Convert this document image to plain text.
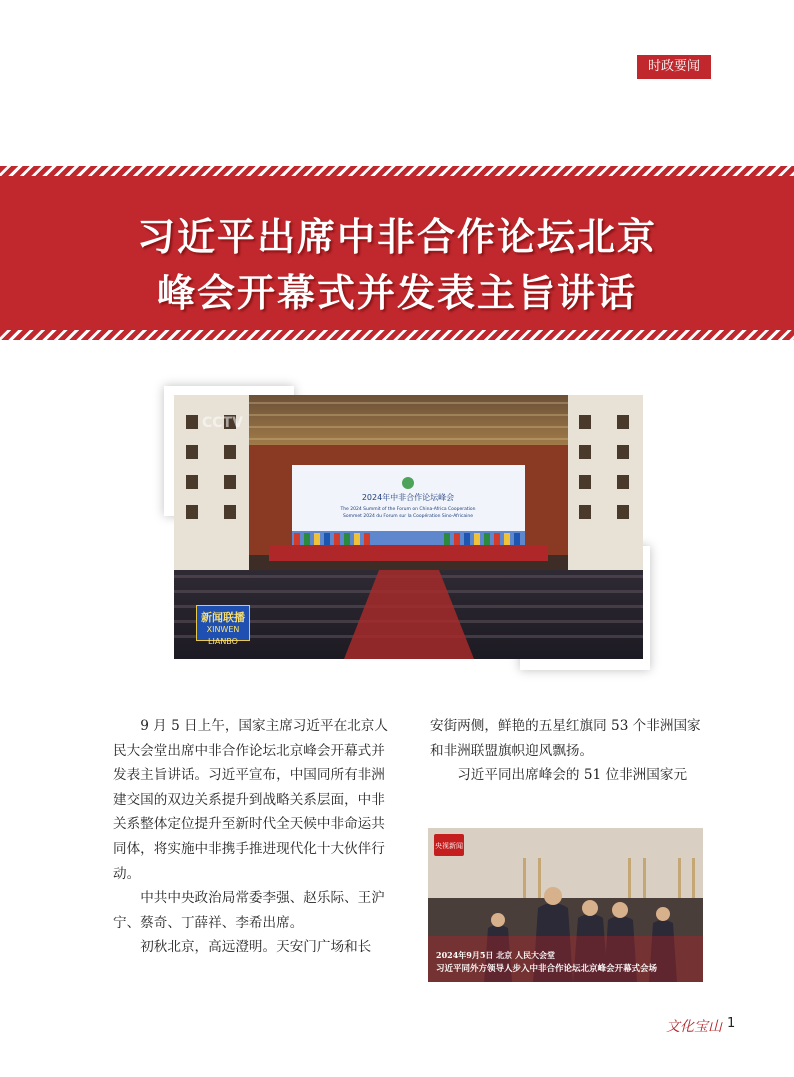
时政要闻
习近平出席中非合作论坛北京
峰会开幕式并发表主旨讲话
2024年中非合作论坛峰会
The 2024 Summit of the Forum on China-Africa Cooperation
Sommet 2024 du Forum sur la Coopération Sino-Africaine
CCTV
新闻联播
XINWEN LIANBO

9 月 5 日上午，国家主席习近平在北京人民大会堂出席中非合作论坛北京峰会开幕式并发表主旨讲话。习近平宣布，中国同所有非洲建交国的双边关系提升到战略关系层面，中非关系整体定位提升至新时代全天候中非命运共同体，将实施中非携手推进现代化十大伙伴行动。

中共中央政治局常委李强、赵乐际、王沪宁、蔡奇、丁薛祥、李希出席。

初秋北京，高远澄明。天安门广场和长

安街两侧，鲜艳的五星红旗同 53 个非洲国家和非洲联盟旗帜迎风飘扬。

习近平同出席峰会的 51 位非洲国家元

央视新闻
2024年9月5日 北京 人民大会堂
习近平同外方领导人步入中非合作论坛北京峰会开幕式会场
文化宝山 1
